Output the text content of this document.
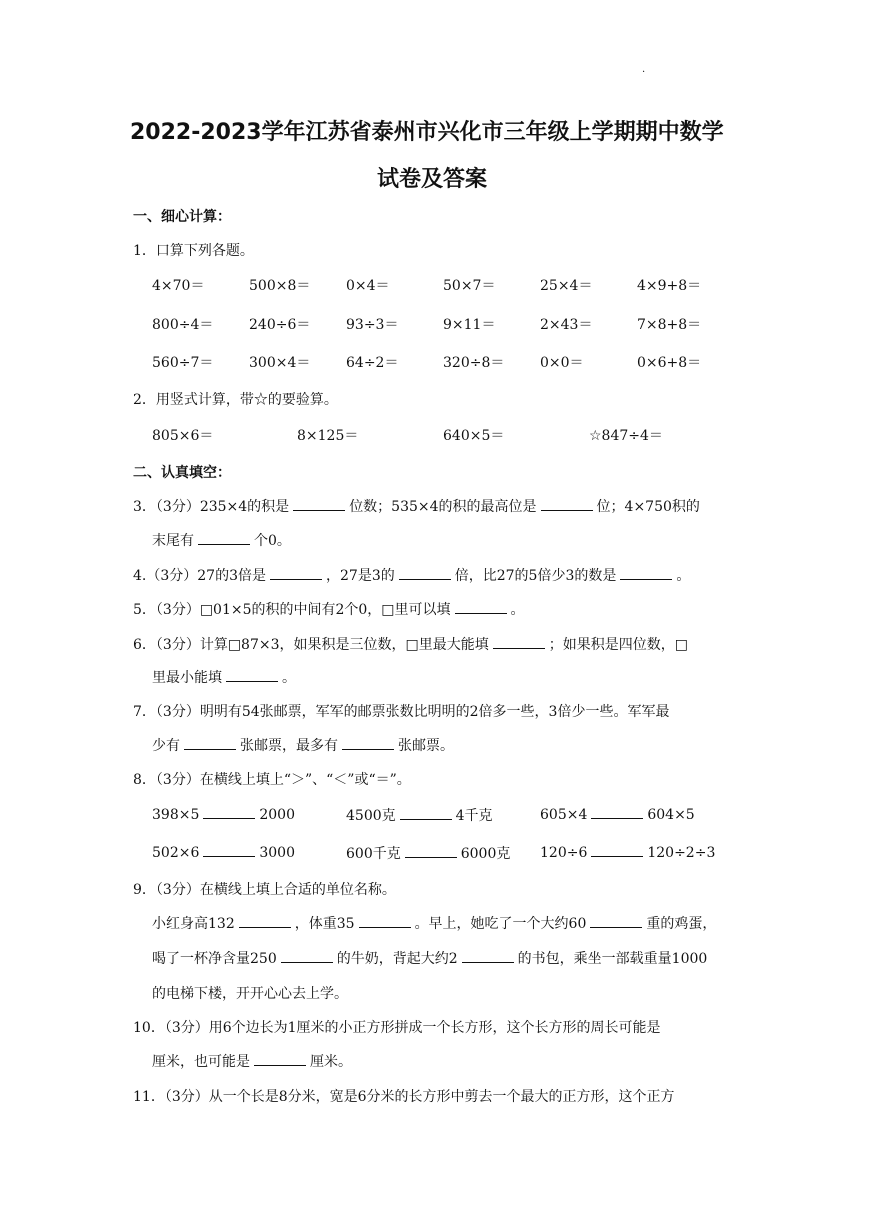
.
2022-2023学年江苏省泰州市兴化市三年级上学期期中数学
试卷及答案
一、细心计算：
1．口算下列各题。
4×70＝	500×8＝	0×4＝	50×7＝	25×4＝	4×9+8＝
800÷4＝	240÷6＝	93÷3＝	9×11＝	2×43＝	7×8+8＝
560÷7＝	300×4＝	64÷2＝	320÷8＝	0×0＝	0×6+8＝
2．用竖式计算，带☆的要验算。
805×6＝	8×125＝	640×5＝	☆847÷4＝
二、认真填空：
3．（3分）235×4的积是	位数；535×4的积的最高位是	位；4×750积的
末尾有	个0。
4.（3分）27的3倍是	，27是3的	倍，比27的5倍少3的数是	。
5．（3分）□01×5的积的中间有2个0，□里可以填	。
6．（3分）计算□87×3，如果积是三位数，□里最大能填	；如果积是四位数，□
里最小能填	。
7．（3分）明明有54张邮票，军军的邮票张数比明明的2倍多一些，3倍少一些。军军最
少有	张邮票，最多有	张邮票。
8．（3分）在横线上填上“＞”、“＜”或“＝”。
398×5	2000	4500克	4千克	605×4	604×5
502×6	3000	600千克	6000克 120÷6	120÷2÷3
9．（3分）在横线上填上合适的单位名称。
小红身高132	，体重35	。早上，她吃了一个大约60	重的鸡蛋，
喝了一杯净含量250	的牛奶，背起大约2	的书包，乘坐一部载重量1000
的电梯下楼，开开心心去上学。
10．（3分）用6个边长为1厘米的小正方形拼成一个长方形，这个长方形的周长可能是
厘米，也可能是	厘米。
11．（3分）从一个长是8分米，宽是6分米的长方形中剪去一个最大的正方形，这个正方
